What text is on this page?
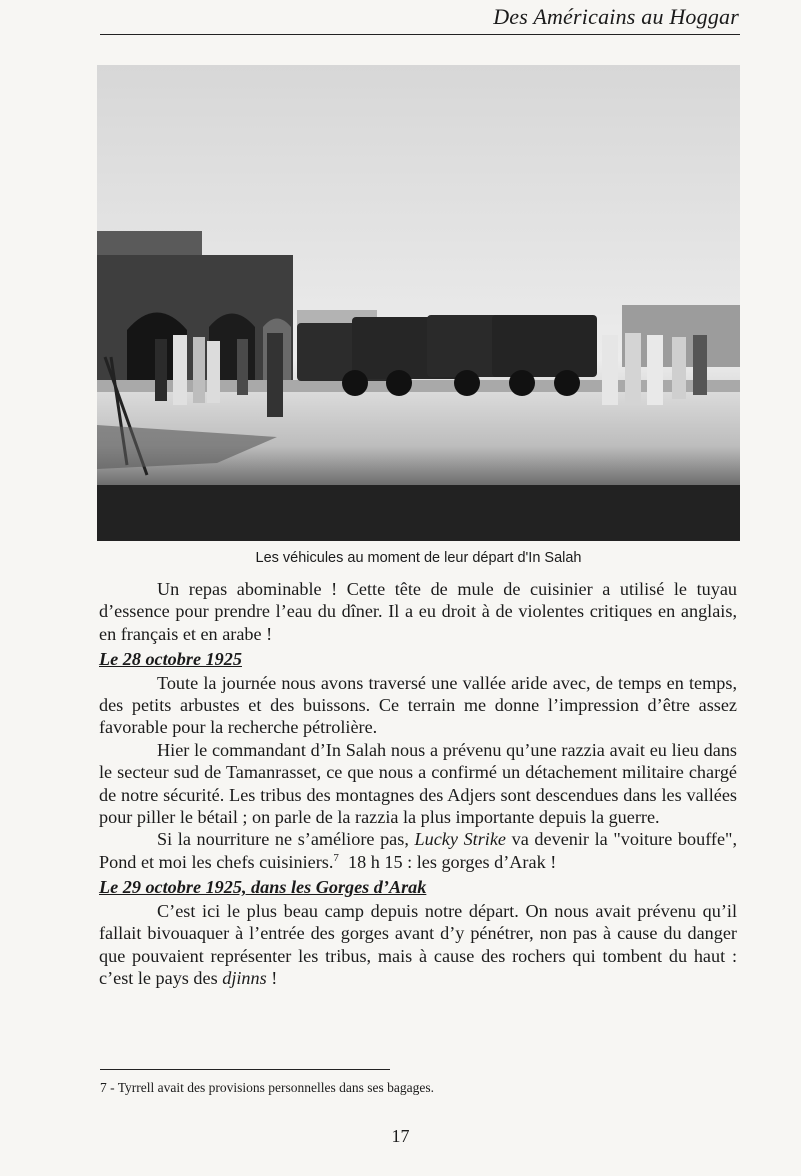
Des Américains au Hoggar
Les véhicules au moment de leur départ d'In Salah

Un repas abominable ! Cette tête de mule de cuisinier a utilisé le tuyau d’essence pour prendre l’eau du dîner. Il a eu droit à de violentes critiques en anglais, en français et en arabe !

Le 28 octobre 1925

Toute la journée nous avons traversé une vallée aride avec, de temps en temps, des petits arbustes et des buissons. Ce terrain me donne l’impression d’être assez favorable pour la recherche pétrolière.

Hier le commandant d’In Salah nous a prévenu qu’une razzia avait eu lieu dans le secteur sud de Tamanrasset, ce que nous a confirmé un détachement militaire chargé de notre sécurité. Les tribus des montagnes des Adjers sont descendues dans les vallées pour piller le bétail ; on parle de la razzia la plus importante depuis la guerre.

Si la nourriture ne s’améliore pas, Lucky Strike va devenir la "voiture bouffe", Pond et moi les chefs cuisiniers.$^7$ 18 h 15 : les gorges d’Arak !

Le 29 octobre 1925, dans les Gorges d’Arak

C’est ici le plus beau camp depuis notre départ. On nous avait prévenu qu’il fallait bivouaquer à l’entrée des gorges avant d’y pénétrer, non pas à cause du danger que pouvaient représenter les tribus, mais à cause des rochers qui tombent du haut : c’est le pays des djinns !

7 - Tyrrell avait des provisions personnelles dans ses bagages.
17
